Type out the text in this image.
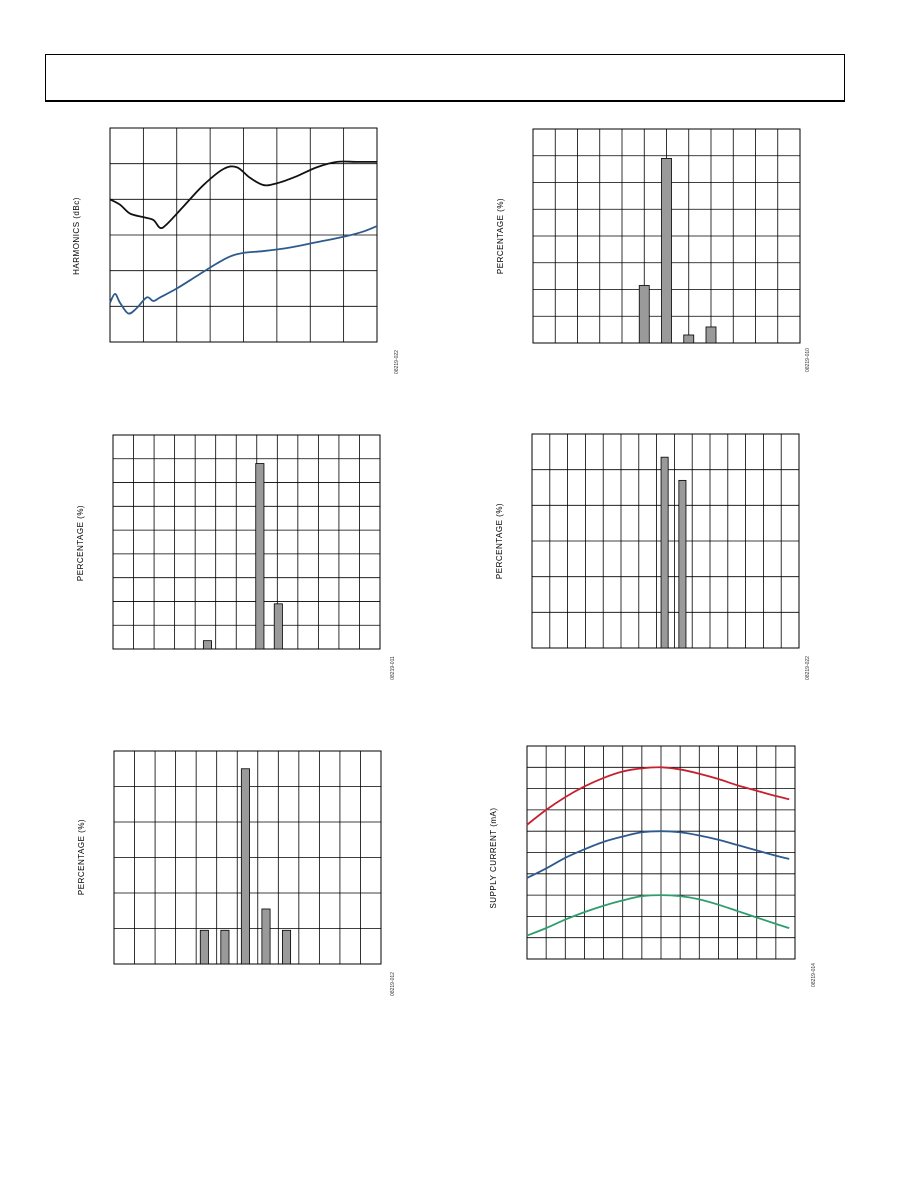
HARMONICS (dBc)
08219-022
PERCENTAGE (%)
08219-010
PERCENTAGE (%)
08219-011
PERCENTAGE (%)
08219-022
PERCENTAGE (%)
08219-012
SUPPLY CURRENT (mA)
08219-014
